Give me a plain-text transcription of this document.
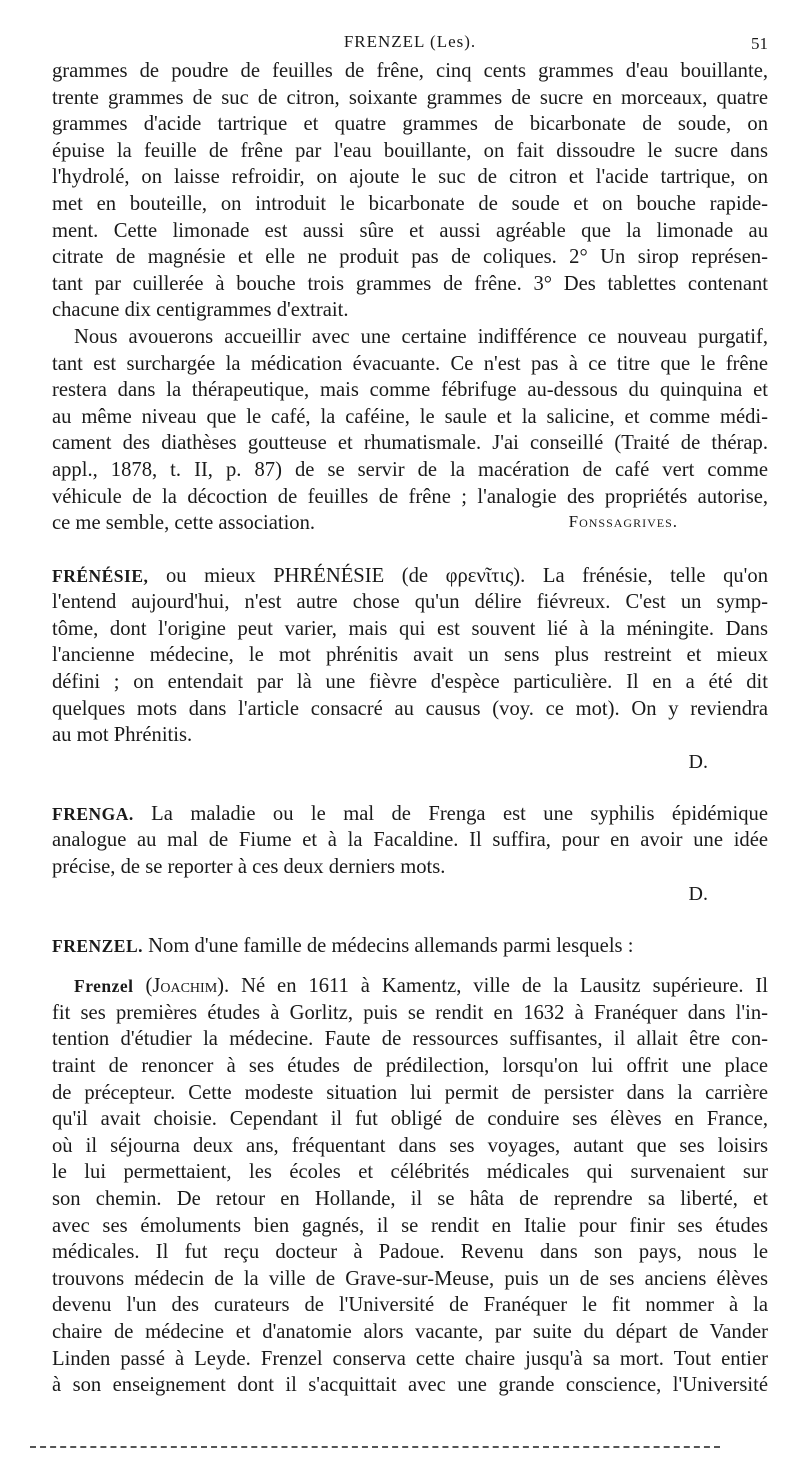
FRENZEL (Les).	51
grammes de poudre de feuilles de frêne, cinq cents grammes d'eau bouillante,
trente grammes de suc de citron, soixante grammes de sucre en morceaux, quatre
grammes d'acide tartrique et quatre grammes de bicarbonate de soude, on
épuise la feuille de frêne par l'eau bouillante, on fait dissoudre le sucre dans
l'hydrolé, on laisse refroidir, on ajoute le suc de citron et l'acide tartrique, on
met en bouteille, on introduit le bicarbonate de soude et on bouche rapide-
ment. Cette limonade est aussi sûre et aussi agréable que la limonade au
citrate de magnésie et elle ne produit pas de coliques. 2° Un sirop représen-
tant par cuillerée à bouche trois grammes de frêne. 3° Des tablettes contenant
chacune dix centigrammes d'extrait.
Nous avouerons accueillir avec une certaine indifférence ce nouveau purgatif,
tant est surchargée la médication évacuante. Ce n'est pas à ce titre que le frêne
restera dans la thérapeutique, mais comme fébrifuge au-dessous du quinquina et
au même niveau que le café, la caféine, le saule et la salicine, et comme médi-
cament des diathèses goutteuse et rhumatismale. J'ai conseillé (Traité de thérap.
appl., 1878, t. II, p. 87) de se servir de la macération de café vert comme
véhicule de la décoction de feuilles de frêne ; l'analogie des propriétés autorise,
ce me semble, cette association.	Fonssagrives.
FRÉNÉSIE, ou mieux PHRÉNÉSIE (de φρενῖτις). La frénésie, telle qu'on
l'entend aujourd'hui, n'est autre chose qu'un délire fiévreux. C'est un symp-
tôme, dont l'origine peut varier, mais qui est souvent lié à la méningite. Dans
l'ancienne médecine, le mot phrénitis avait un sens plus restreint et mieux
défini ; on entendait par là une fièvre d'espèce particulière. Il en a été dit
quelques mots dans l'article consacré au causus (voy. ce mot). On y reviendra
au mot Phrénitis.
D.
FRENGA. La maladie ou le mal de Frenga est une syphilis épidémique
analogue au mal de Fiume et à la Facaldine. Il suffira, pour en avoir une idée
précise, de se reporter à ces deux derniers mots.
D.
FRENZEL. Nom d'une famille de médecins allemands parmi lesquels :
Frenzel (Joachim). Né en 1611 à Kamentz, ville de la Lausitz supérieure. Il
fit ses premières études à Gorlitz, puis se rendit en 1632 à Franéquer dans l'in-
tention d'étudier la médecine. Faute de ressources suffisantes, il allait être con-
traint de renoncer à ses études de prédilection, lorsqu'on lui offrit une place
de précepteur. Cette modeste situation lui permit de persister dans la carrière
qu'il avait choisie. Cependant il fut obligé de conduire ses élèves en France,
où il séjourna deux ans, fréquentant dans ses voyages, autant que ses loisirs
le lui permettaient, les écoles et célébrités médicales qui survenaient sur
son chemin. De retour en Hollande, il se hâta de reprendre sa liberté, et
avec ses émoluments bien gagnés, il se rendit en Italie pour finir ses études
médicales. Il fut reçu docteur à Padoue. Revenu dans son pays, nous le
trouvons médecin de la ville de Grave-sur-Meuse, puis un de ses anciens élèves
devenu l'un des curateurs de l'Université de Franéquer le fit nommer à la
chaire de médecine et d'anatomie alors vacante, par suite du départ de Vander
Linden passé à Leyde. Frenzel conserva cette chaire jusqu'à sa mort. Tout entier
à son enseignement dont il s'acquittait avec une grande conscience, l'Université
